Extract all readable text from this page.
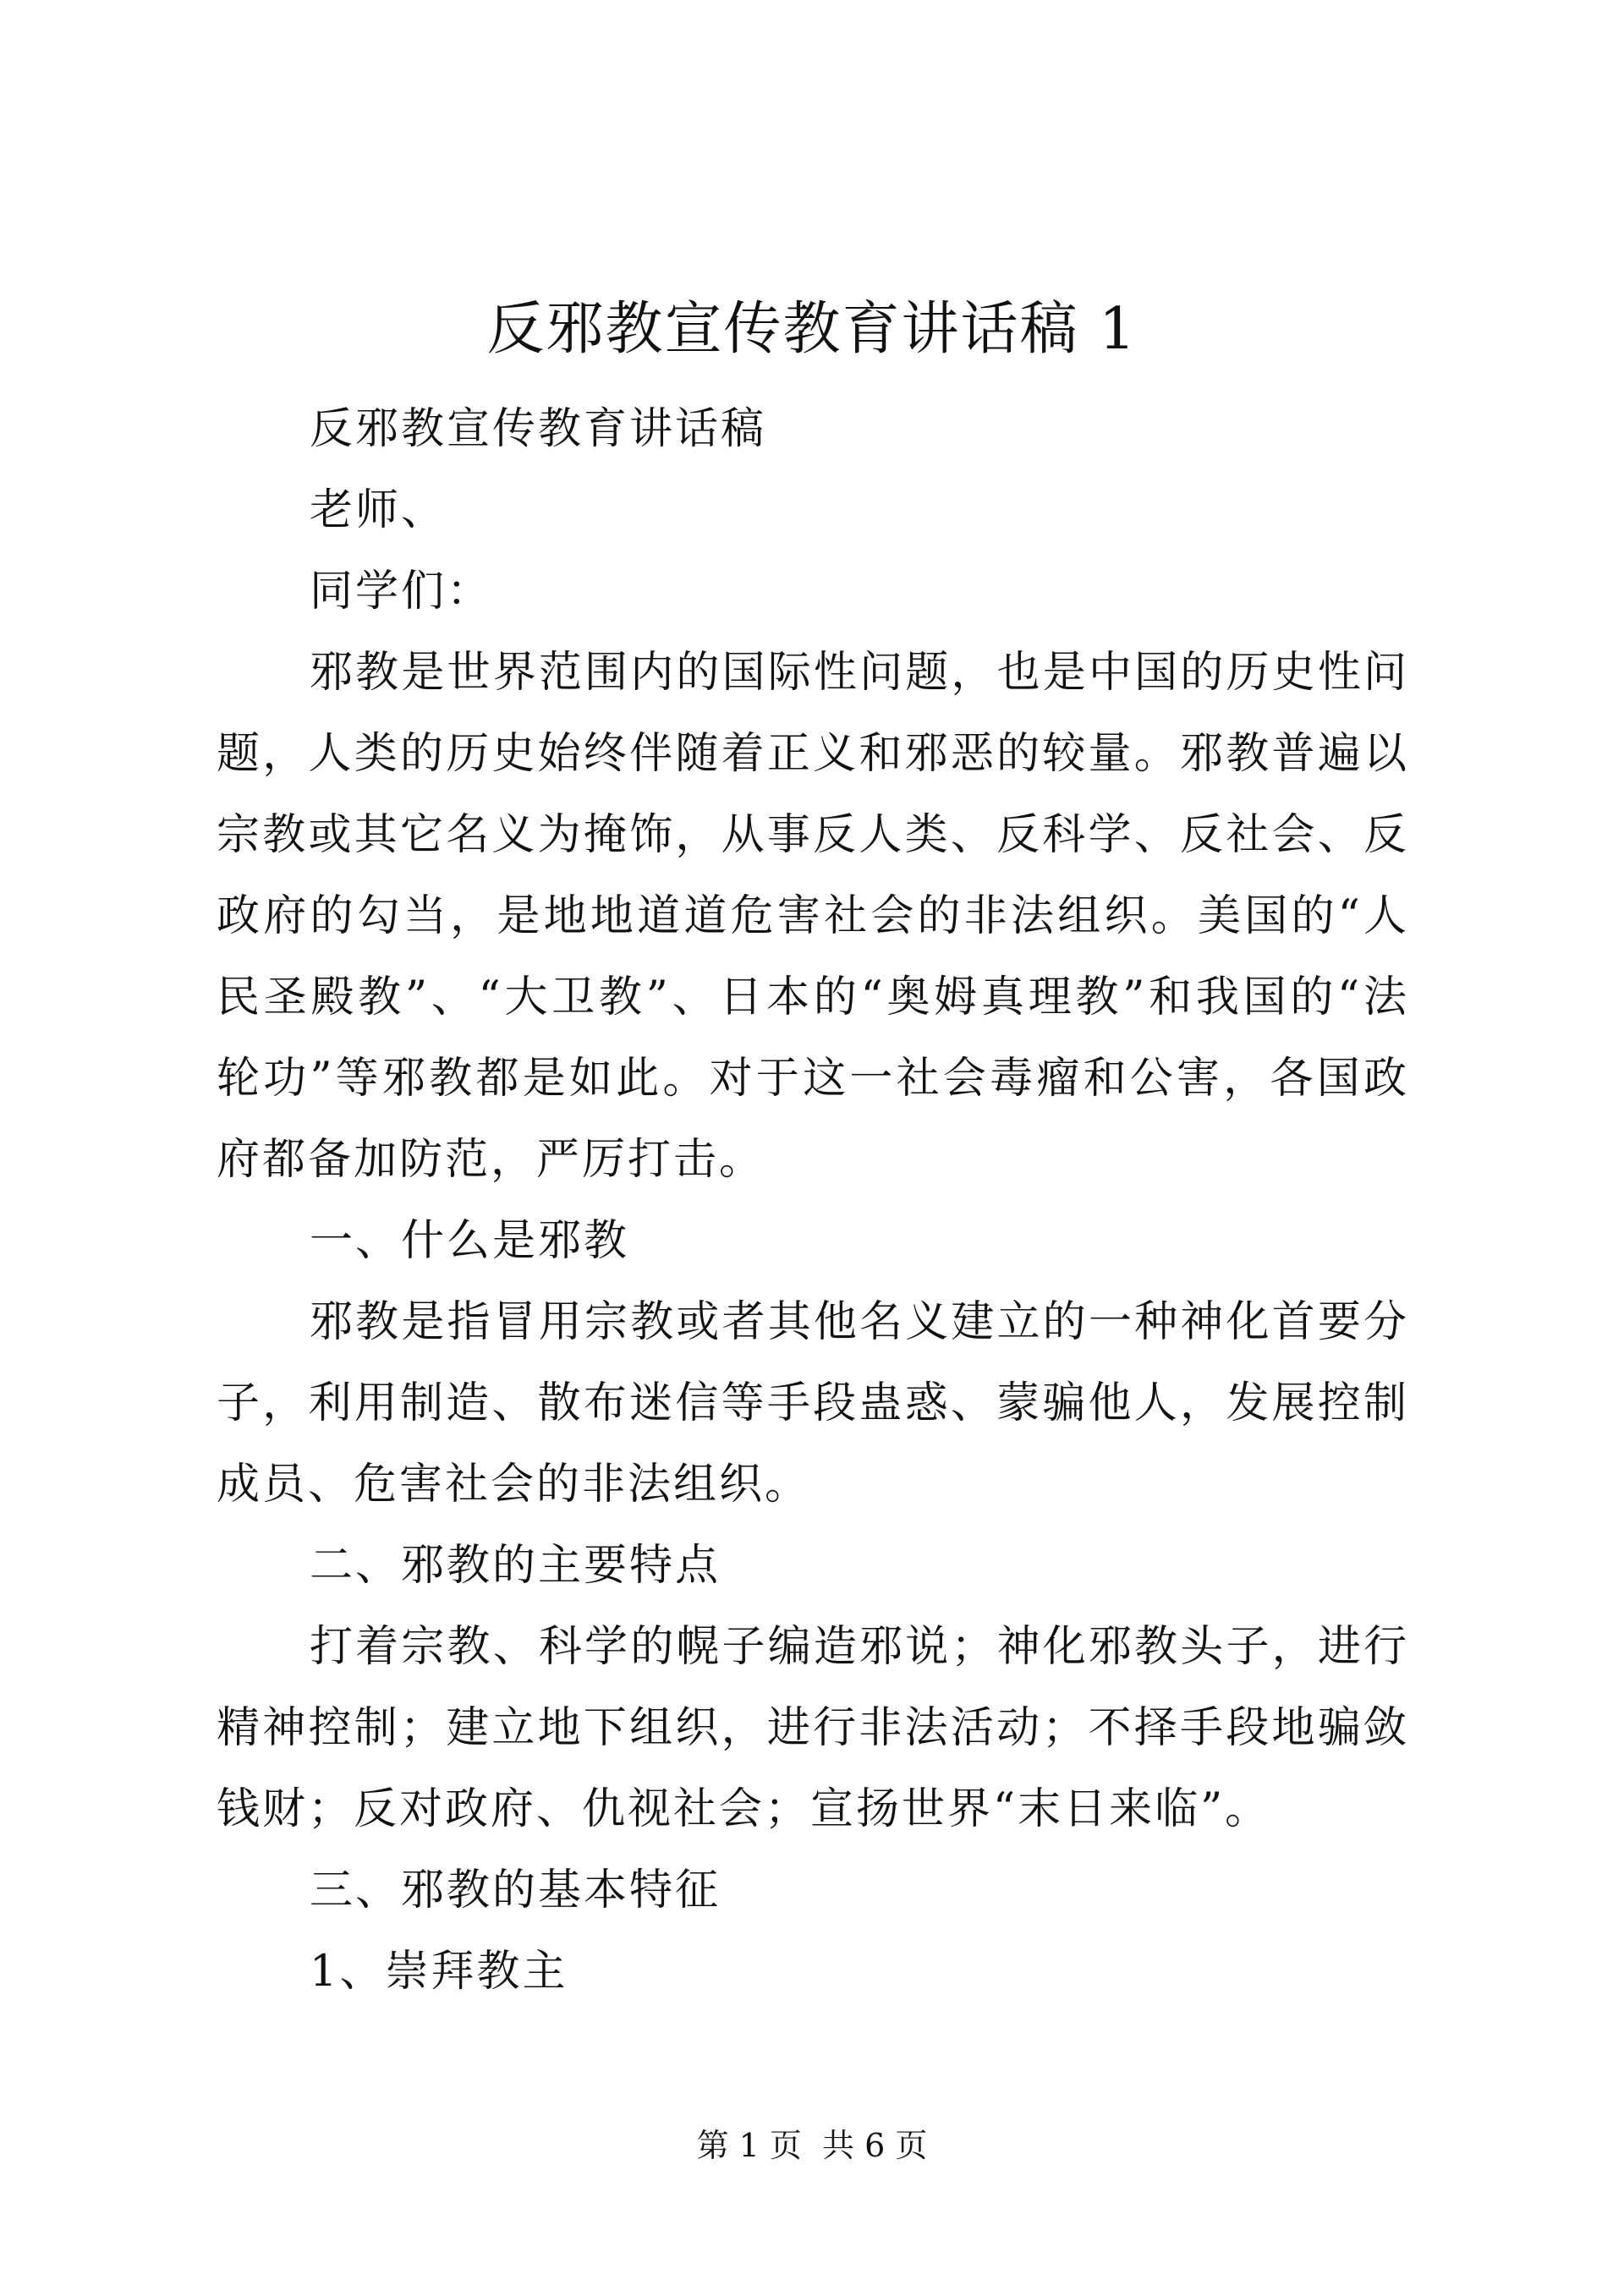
反邪教宣传教育讲话稿 1

反邪教宣传教育讲话稿

老师、

同学们：

邪教是世界范围内的国际性问题，也是中国的历史性问题，人类的历史始终伴随着正义和邪恶的较量。邪教普遍以宗教或其它名义为掩饰，从事反人类、反科学、反社会、反政府的勾当，是地地道道危害社会的非法组织。美国的“人民圣殿教”、“大卫教”、日本的“奥姆真理教”和我国的“法轮功”等邪教都是如此。对于这一社会毒瘤和公害，各国政府都备加防范，严厉打击。

一、什么是邪教

邪教是指冒用宗教或者其他名义建立的一种神化首要分子，利用制造、散布迷信等手段蛊惑、蒙骗他人，发展控制成员、危害社会的非法组织。

二、邪教的主要特点

打着宗教、科学的幌子编造邪说；神化邪教头子，进行精神控制；建立地下组织，进行非法活动；不择手段地骗敛钱财；反对政府、仇视社会；宣扬世界“末日来临”。

三、邪教的基本特征

1、崇拜教主

第 1 页 共 6 页
